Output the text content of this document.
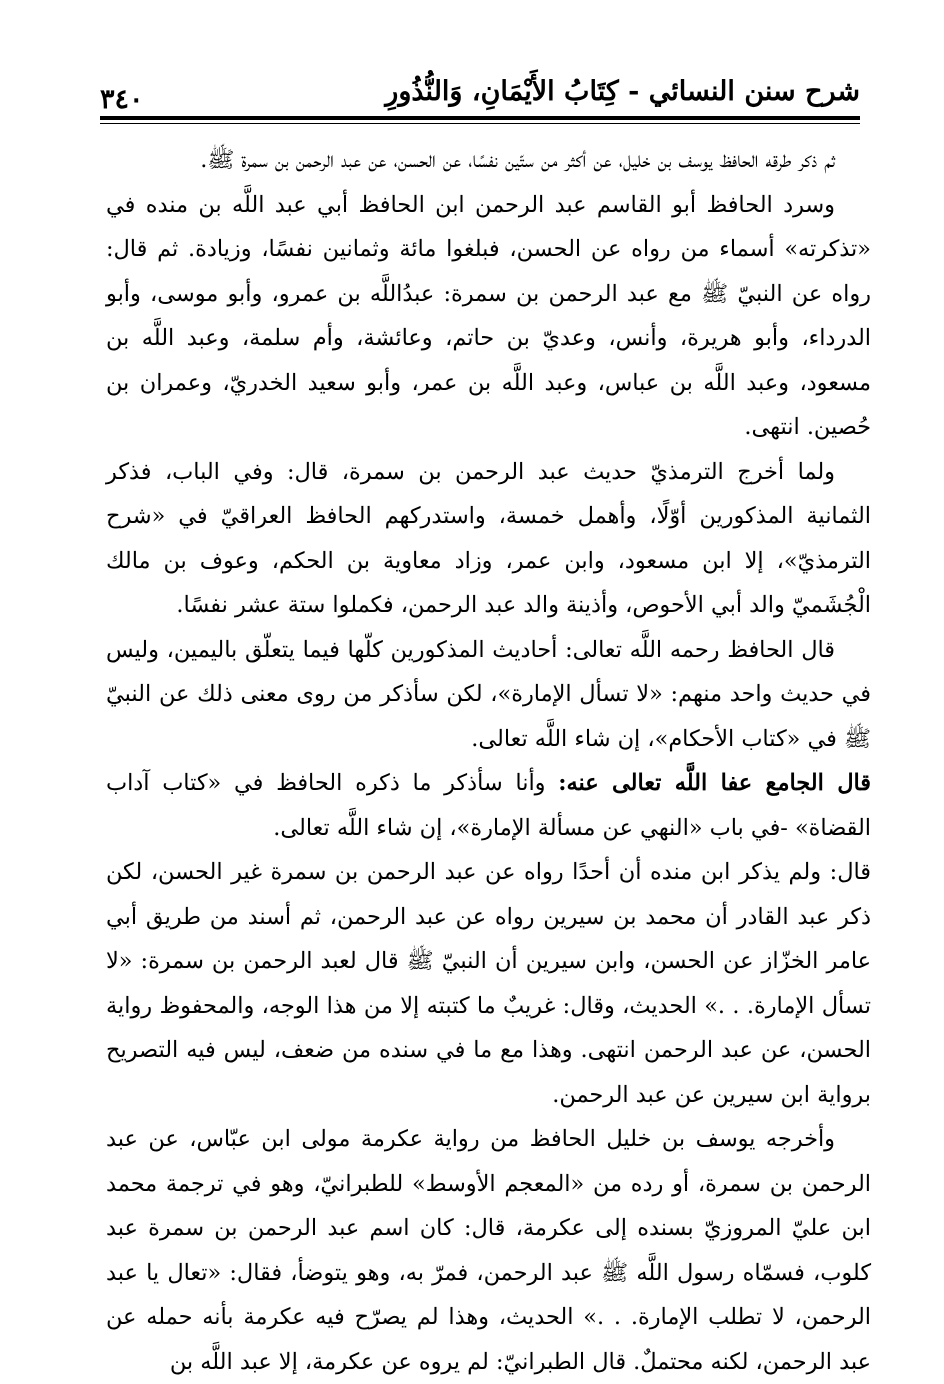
شرح سنن النسائي - كِتَابُ الأَيْمَانِ، وَالنُّذُورِ
٣٤٠

ثم ذكر طرقه الحافظ يوسف بن خليل، عن أكثر من ستّين نفسًا، عن الحسن، عن عبد الرحمن بن سمرة ﷺ.

وسرد الحافظ أبو القاسم عبد الرحمن ابن الحافظ أبي عبد اللَّه بن منده في «تذكرته» أسماء من رواه عن الحسن، فبلغوا مائة وثمانين نفسًا، وزيادة. ثم قال: رواه عن النبيّ ﷺ مع عبد الرحمن بن سمرة: عبدُاللَّه بن عمرو، وأبو موسى، وأبو الدرداء، وأبو هريرة، وأنس، وعديّ بن حاتم، وعائشة، وأم سلمة، وعبد اللَّه بن مسعود، وعبد اللَّه بن عباس، وعبد اللَّه بن عمر، وأبو سعيد الخدريّ، وعمران بن حُصين. انتهى.

ولما أخرج الترمذيّ حديث عبد الرحمن بن سمرة، قال: وفي الباب، فذكر الثمانية المذكورين أوّلًا، وأهمل خمسة، واستدركهم الحافظ العراقيّ في «شرح الترمذيّ»، إلا ابن مسعود، وابن عمر، وزاد معاوية بن الحكم، وعوف بن مالك الْجُشَميّ والد أبي الأحوص، وأذينة والد عبد الرحمن، فكملوا ستة عشر نفسًا.

قال الحافظ رحمه اللَّه تعالى: أحاديث المذكورين كلّها فيما يتعلّق باليمين، وليس في حديث واحد منهم: «لا تسأل الإمارة»، لكن سأذكر من روى معنى ذلك عن النبيّ ﷺ في «كتاب الأحكام»، إن شاء اللَّه تعالى.

قال الجامع عفا اللَّه تعالى عنه: وأنا سأذكر ما ذكره الحافظ في «كتاب آداب القضاة» -في باب «النهي عن مسألة الإمارة»، إن شاء اللَّه تعالى.

قال: ولم يذكر ابن منده أن أحدًا رواه عن عبد الرحمن بن سمرة غير الحسن، لكن ذكر عبد القادر أن محمد بن سيرين رواه عن عبد الرحمن، ثم أسند من طريق أبي عامر الخزّاز عن الحسن، وابن سيرين أن النبيّ ﷺ قال لعبد الرحمن بن سمرة: «لا تسأل الإمارة. . .» الحديث، وقال: غريبٌ ما كتبته إلا من هذا الوجه، والمحفوظ رواية الحسن، عن عبد الرحمن انتهى. وهذا مع ما في سنده من ضعف، ليس فيه التصريح برواية ابن سيرين عن عبد الرحمن.

وأخرجه يوسف بن خليل الحافظ من رواية عكرمة مولى ابن عبّاس، عن عبد الرحمن بن سمرة، أو رده من «المعجم الأوسط» للطبرانيّ، وهو في ترجمة محمد ابن عليّ المروزيّ بسنده إلى عكرمة، قال: كان اسم عبد الرحمن بن سمرة عبد كلوب، فسمّاه رسول اللَّه ﷺ عبد الرحمن، فمرّ به، وهو يتوضأ، فقال: «تعال يا عبد الرحمن، لا تطلب الإمارة. . .» الحديث، وهذا لم يصرّح فيه عكرمة بأنه حمله عن عبد الرحمن، لكنه محتملٌ. قال الطبرانيّ: لم يروه عن عكرمة، إلا عبد اللَّه بن
